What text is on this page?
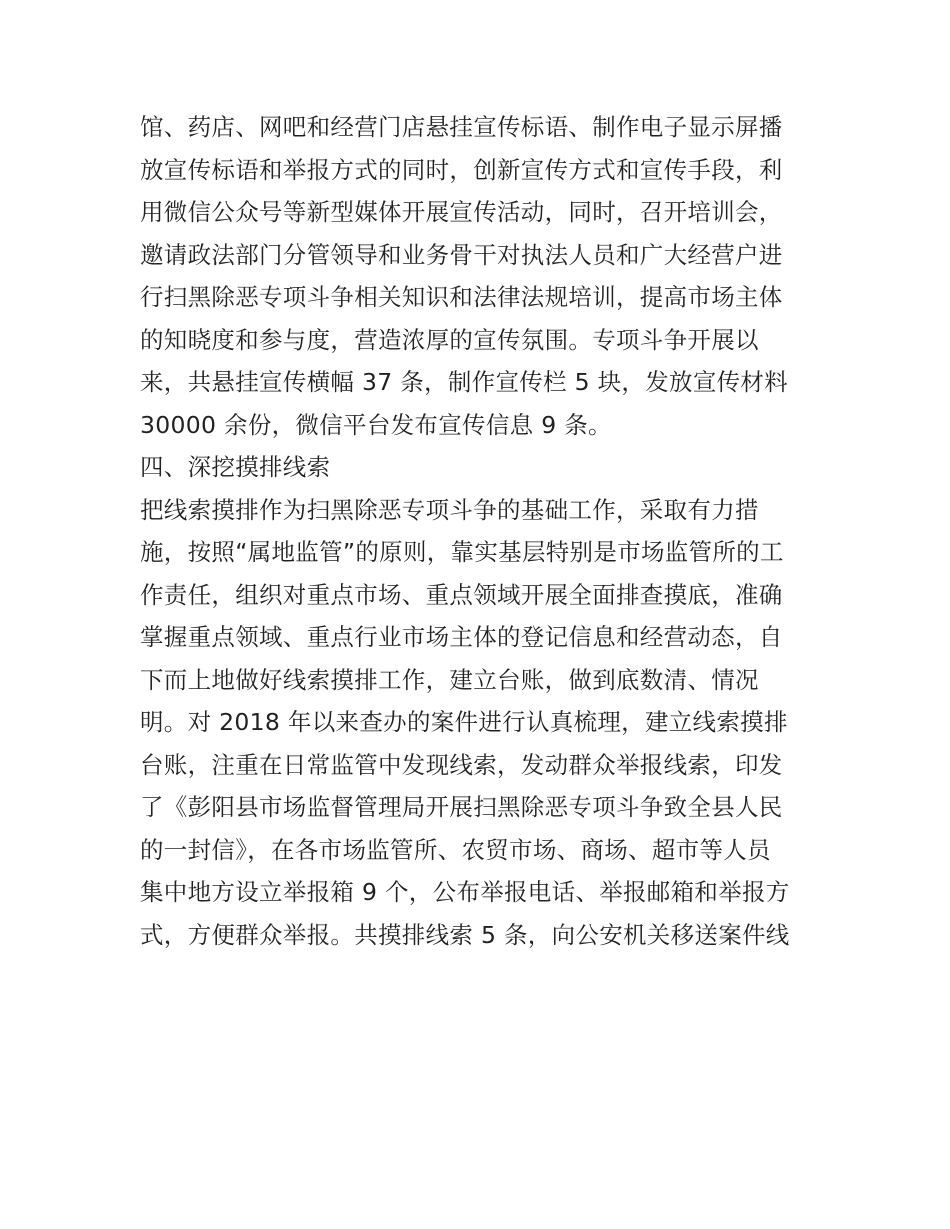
馆、药店、网吧和经营门店悬挂宣传标语、制作电子显示屏播
放宣传标语和举报方式的同时，创新宣传方式和宣传手段，利
用微信公众号等新型媒体开展宣传活动，同时，召开培训会，
邀请政法部门分管领导和业务骨干对执法人员和广大经营户进
行扫黑除恶专项斗争相关知识和法律法规培训，提高市场主体
的知晓度和参与度，营造浓厚的宣传氛围。专项斗争开展以
来，共悬挂宣传横幅 37 条，制作宣传栏 5 块，发放宣传材料
30000 余份，微信平台发布宣传信息 9 条。
四、深挖摸排线索
把线索摸排作为扫黑除恶专项斗争的基础工作，采取有力措
施，按照“属地监管”的原则，靠实基层特别是市场监管所的工
作责任，组织对重点市场、重点领域开展全面排查摸底，准确
掌握重点领域、重点行业市场主体的登记信息和经营动态，自
下而上地做好线索摸排工作，建立台账，做到底数清、情况
明。对 2018 年以来查办的案件进行认真梳理，建立线索摸排
台账，注重在日常监管中发现线索，发动群众举报线索，印发
了《彭阳县市场监督管理局开展扫黑除恶专项斗争致全县人民
的一封信》，在各市场监管所、农贸市场、商场、超市等人员
集中地方设立举报箱 9 个，公布举报电话、举报邮箱和举报方
式，方便群众举报。共摸排线索 5 条，向公安机关移送案件线
